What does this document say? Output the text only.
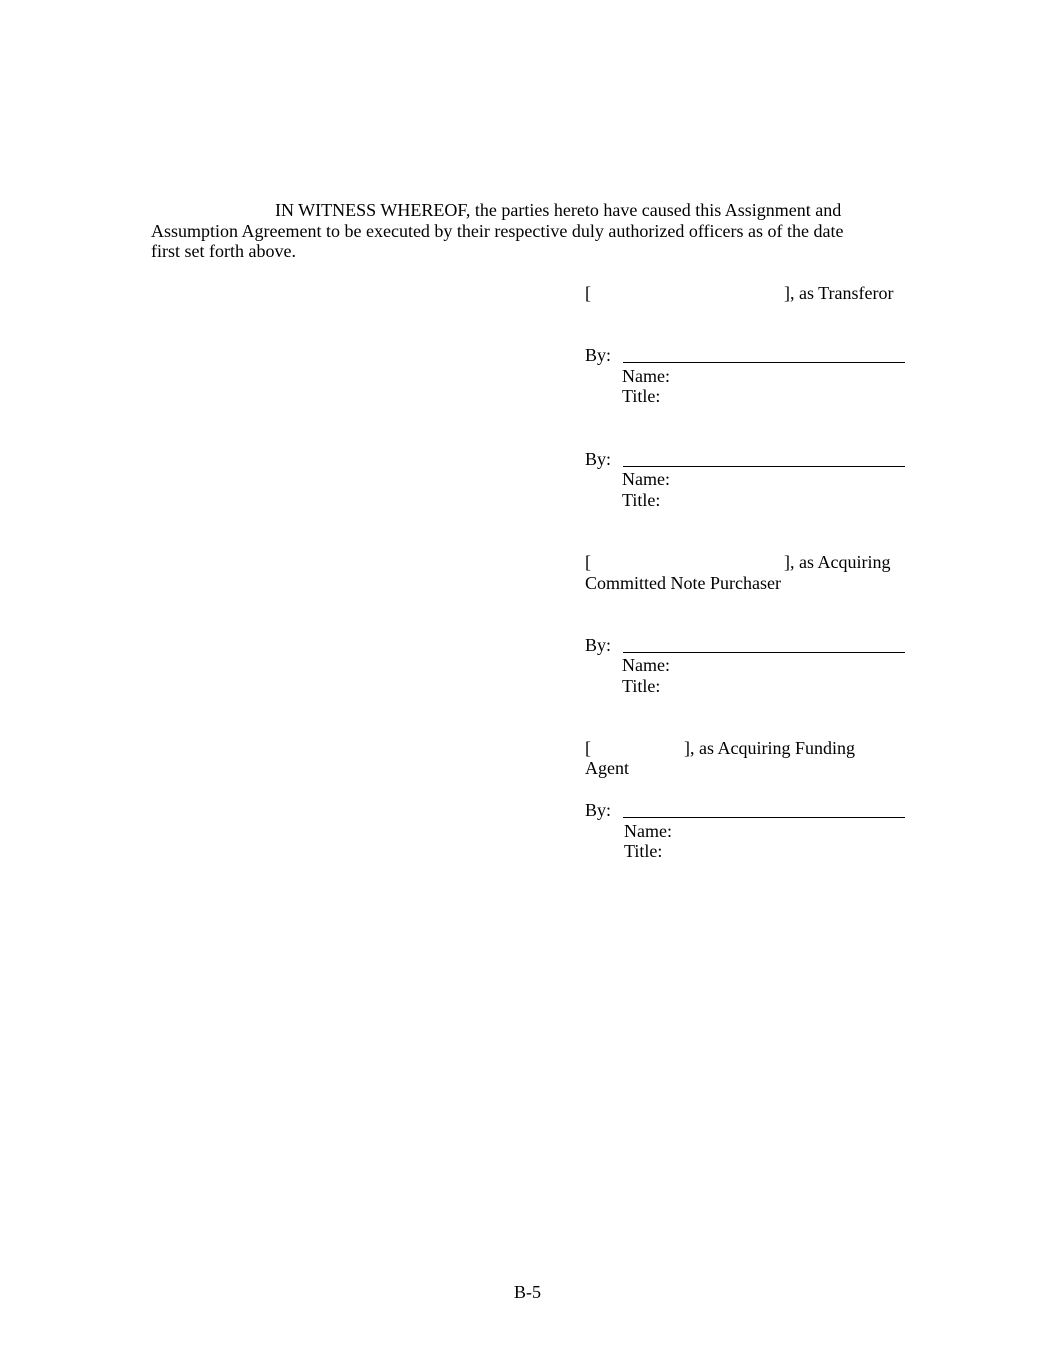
IN WITNESS WHEREOF, the parties hereto have caused this Assignment and
Assumption Agreement to be executed by their respective duly authorized officers as of the date
first set forth above.
[	], as Transferor
By:
Name:
Title:
By:
Name:
Title:
[	], as Acquiring
Committed Note Purchaser
By:
Name:
Title:
[	], as Acquiring Funding
Agent
By:
Name:
Title:
B-5
